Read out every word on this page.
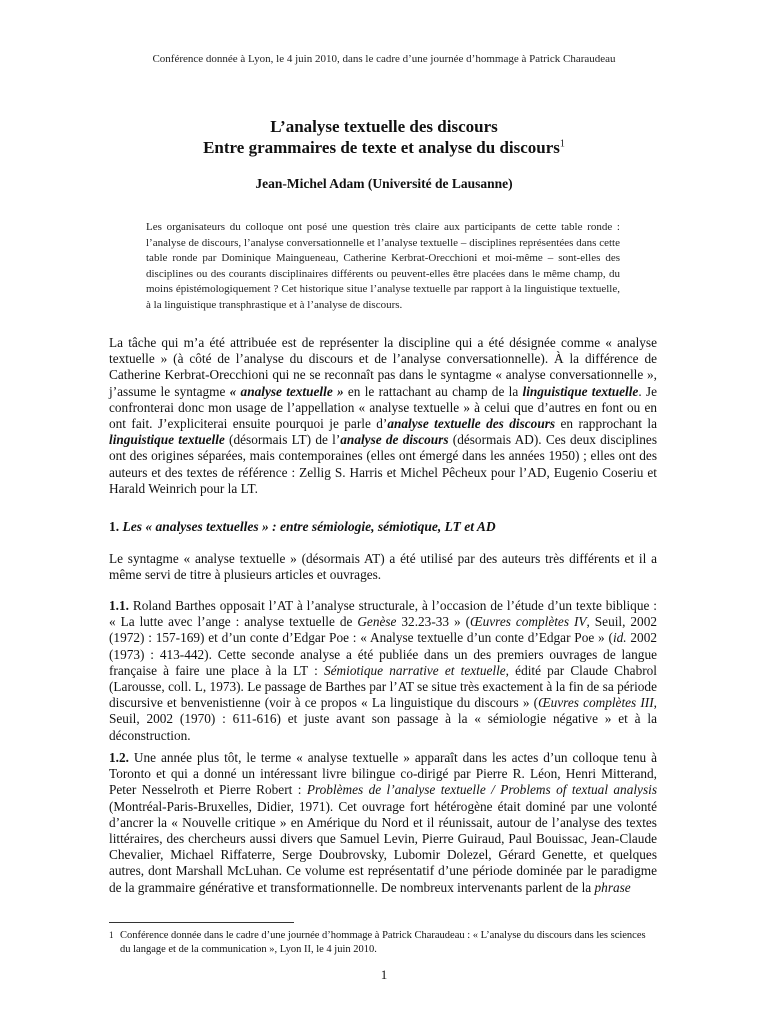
Conférence donnée à Lyon, le 4 juin 2010, dans le cadre d’une journée d’hommage à Patrick Charaudeau
L’analyse textuelle des discours
Entre grammaires de texte et analyse du discours$^1$
Jean-Michel Adam (Université de Lausanne)
Les organisateurs du colloque ont posé une question très claire aux participants de cette table ronde : l’analyse de discours, l’analyse conversationnelle et l’analyse textuelle – disciplines représentées dans cette table ronde par Dominique Maingueneau, Catherine Kerbrat-Orecchioni et moi-même – sont-elles des disciplines ou des courants disciplinaires différents ou peuvent-elles être placées dans le même champ, du moins épistémologiquement ? Cet historique situe l’analyse textuelle par rapport à la linguistique textuelle, à la linguistique transphrastique et à l’analyse de discours.
La tâche qui m’a été attribuée est de représenter la discipline qui a été désignée comme « analyse textuelle » (à côté de l’analyse du discours et de l’analyse conversationnelle). À la différence de Catherine Kerbrat-Orecchioni qui ne se reconnaît pas dans le syntagme « analyse conversationnelle », j’assume le syntagme « analyse textuelle » en le rattachant au champ de la linguistique textuelle. Je confronterai donc mon usage de l’appellation « analyse textuelle » à celui que d’autres en font ou en ont fait. J’expliciterai ensuite pourquoi je parle d’analyse textuelle des discours en rapprochant la linguistique textuelle (désormais LT) de l’analyse de discours (désormais AD). Ces deux disciplines ont des origines séparées, mais contemporaines (elles ont émergé dans les années 1950) ; elles ont des auteurs et des textes de référence : Zellig S. Harris et Michel Pêcheux pour l’AD, Eugenio Coseriu et Harald Weinrich pour la LT.
1. Les « analyses textuelles » : entre sémiologie, sémiotique, LT et AD
Le syntagme « analyse textuelle » (désormais AT) a été utilisé par des auteurs très différents et il a même servi de titre à plusieurs articles et ouvrages.
1.1. Roland Barthes opposait l’AT à l’analyse structurale, à l’occasion de l’étude d’un texte biblique : « La lutte avec l’ange : analyse textuelle de Genèse 32.23-33 » (Œuvres complètes IV, Seuil, 2002 (1972) : 157-169) et d’un conte d’Edgar Poe : « Analyse textuelle d’un conte d’Edgar Poe » (id. 2002 (1973) : 413-442). Cette seconde analyse a été publiée dans un des premiers ouvrages de langue française à faire une place à la LT : Sémiotique narrative et textuelle, édité par Claude Chabrol (Larousse, coll. L, 1973). Le passage de Barthes par l’AT se situe très exactement à la fin de sa période discursive et benvenistienne (voir à ce propos « La linguistique du discours » (Œuvres complètes III, Seuil, 2002 (1970) : 611-616) et juste avant son passage à la « sémiologie négative » et à la déconstruction.
1.2. Une année plus tôt, le terme « analyse textuelle » apparaît dans les actes d’un colloque tenu à Toronto et qui a donné un intéressant livre bilingue co-dirigé par Pierre R. Léon, Henri Mitterand, Peter Nesselroth et Pierre Robert : Problèmes de l’analyse textuelle / Problems of textual analysis (Montréal-Paris-Bruxelles, Didier, 1971). Cet ouvrage fort hétérogène était dominé par une volonté d’ancrer la « Nouvelle critique » en Amérique du Nord et il réunissait, autour de l’analyse des textes littéraires, des chercheurs aussi divers que Samuel Levin, Pierre Guiraud, Paul Bouissac, Jean-Claude Chevalier, Michael Riffaterre, Serge Doubrovsky, Lubomir Dolezel, Gérard Genette, et quelques autres, dont Marshall McLuhan. Ce volume est représentatif d’une période dominée par le paradigme de la grammaire générative et transformationnelle. De nombreux intervenants parlent de la phrase
1 Conférence donnée dans le cadre d’une journée d’hommage à Patrick Charaudeau : « L’analyse du discours dans les sciences du langage et de la communication », Lyon II, le 4 juin 2010.
1
